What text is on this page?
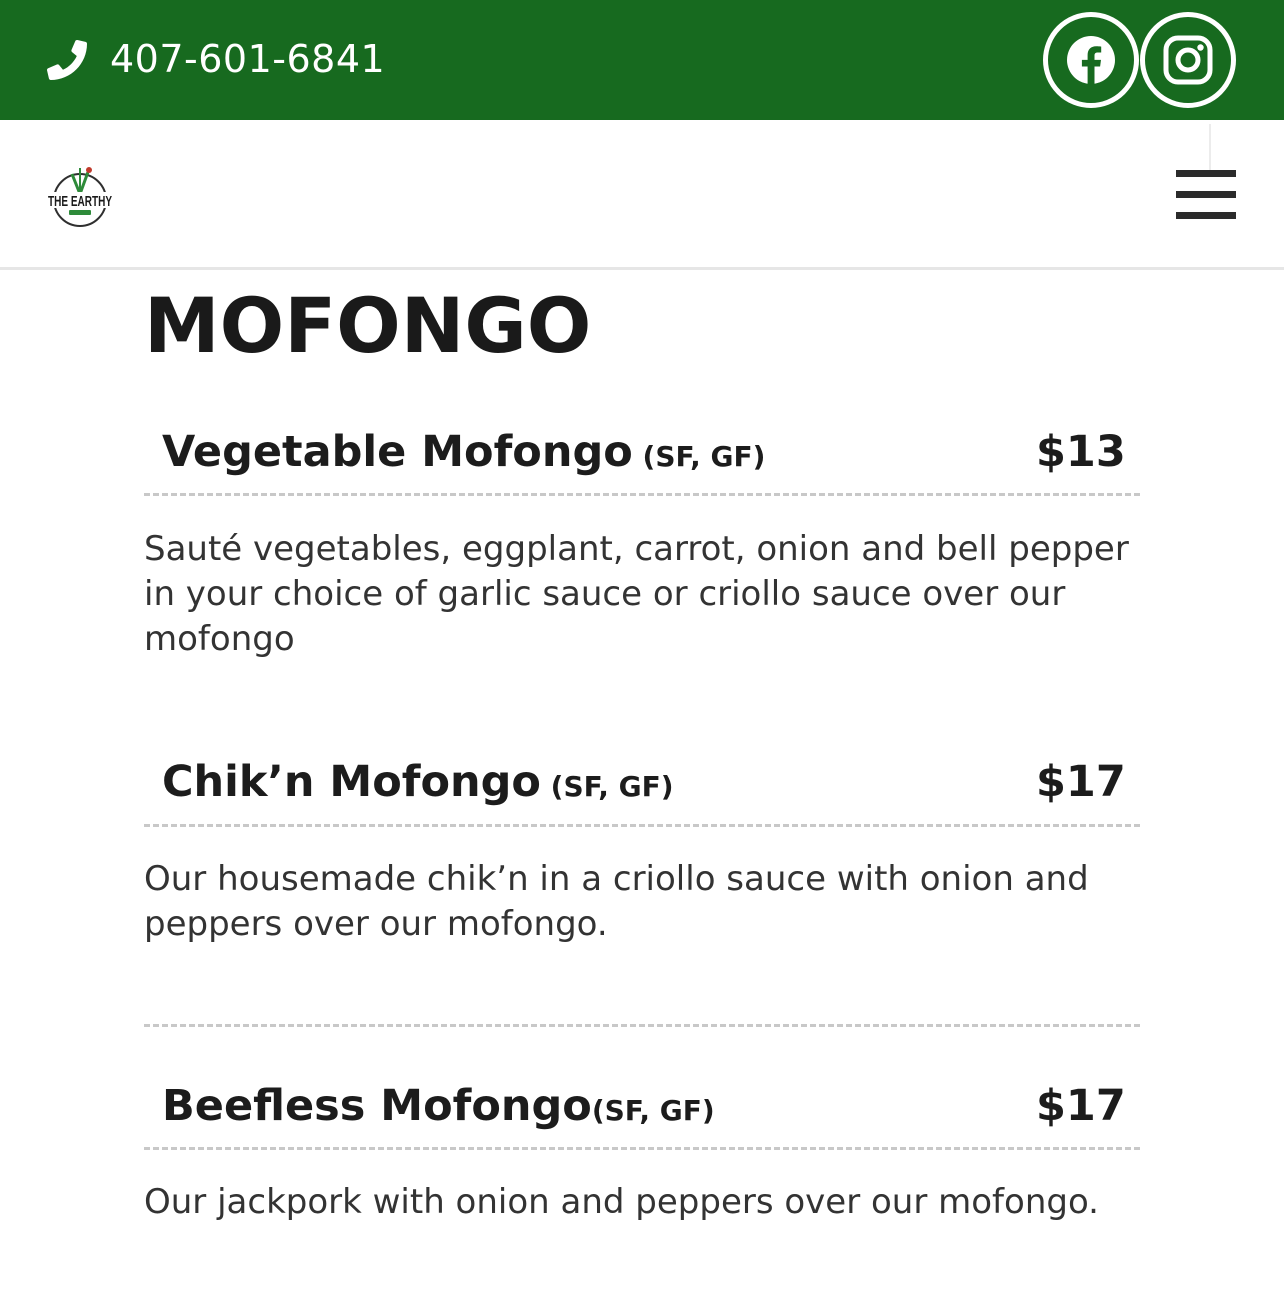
407-601-6841
THE EARTHY
MOFONGO
Vegetable Mofongo (SF, GF)	$13

Sauté vegetables, eggplant, carrot, onion and bell pepper in your choice of garlic sauce or criollo sauce over our mofongo

Chik’n Mofongo (SF, GF)	$17

Our housemade chik’n in a criollo sauce with onion and peppers over our mofongo.

Beefless Mofongo(SF, GF)	$17

Our jackpork with onion and peppers over our mofongo.
